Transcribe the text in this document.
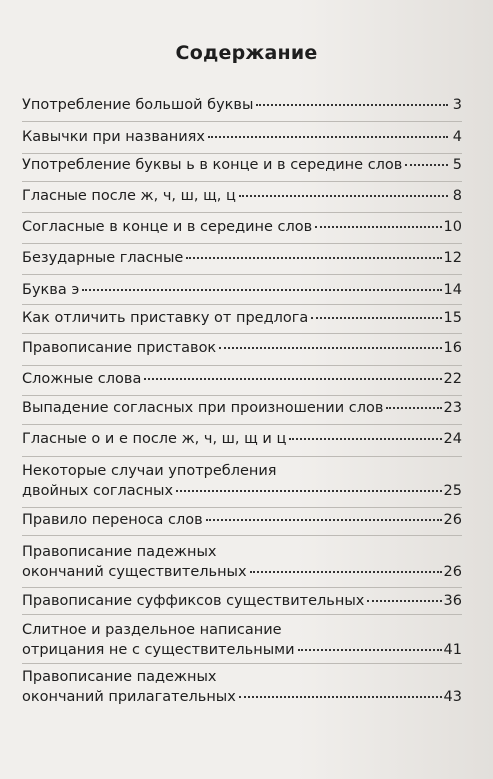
Содержание
Употребление большой буквы	3
Кавычки при названиях	4
Употребление буквы ь в конце и в середине слов	5
Гласные после ж, ч, ш, щ, ц	8
Согласные в конце и в середине слов	10
Безударные гласные	12
Буква э	14
Как отличить приставку от предлога	15
Правописание приставок	16
Сложные слова	22
Выпадение согласных при произношении слов	23
Гласные о и е после ж, ч, ш, щ и ц	24
Некоторые случаи употребления
двойных согласных	25
Правило переноса слов	26
Правописание падежных
окончаний существительных	26
Правописание суффиксов существительных	36
Слитное и раздельное написание
отрицания не с существительными	41
Правописание падежных
окончаний прилагательных	43
